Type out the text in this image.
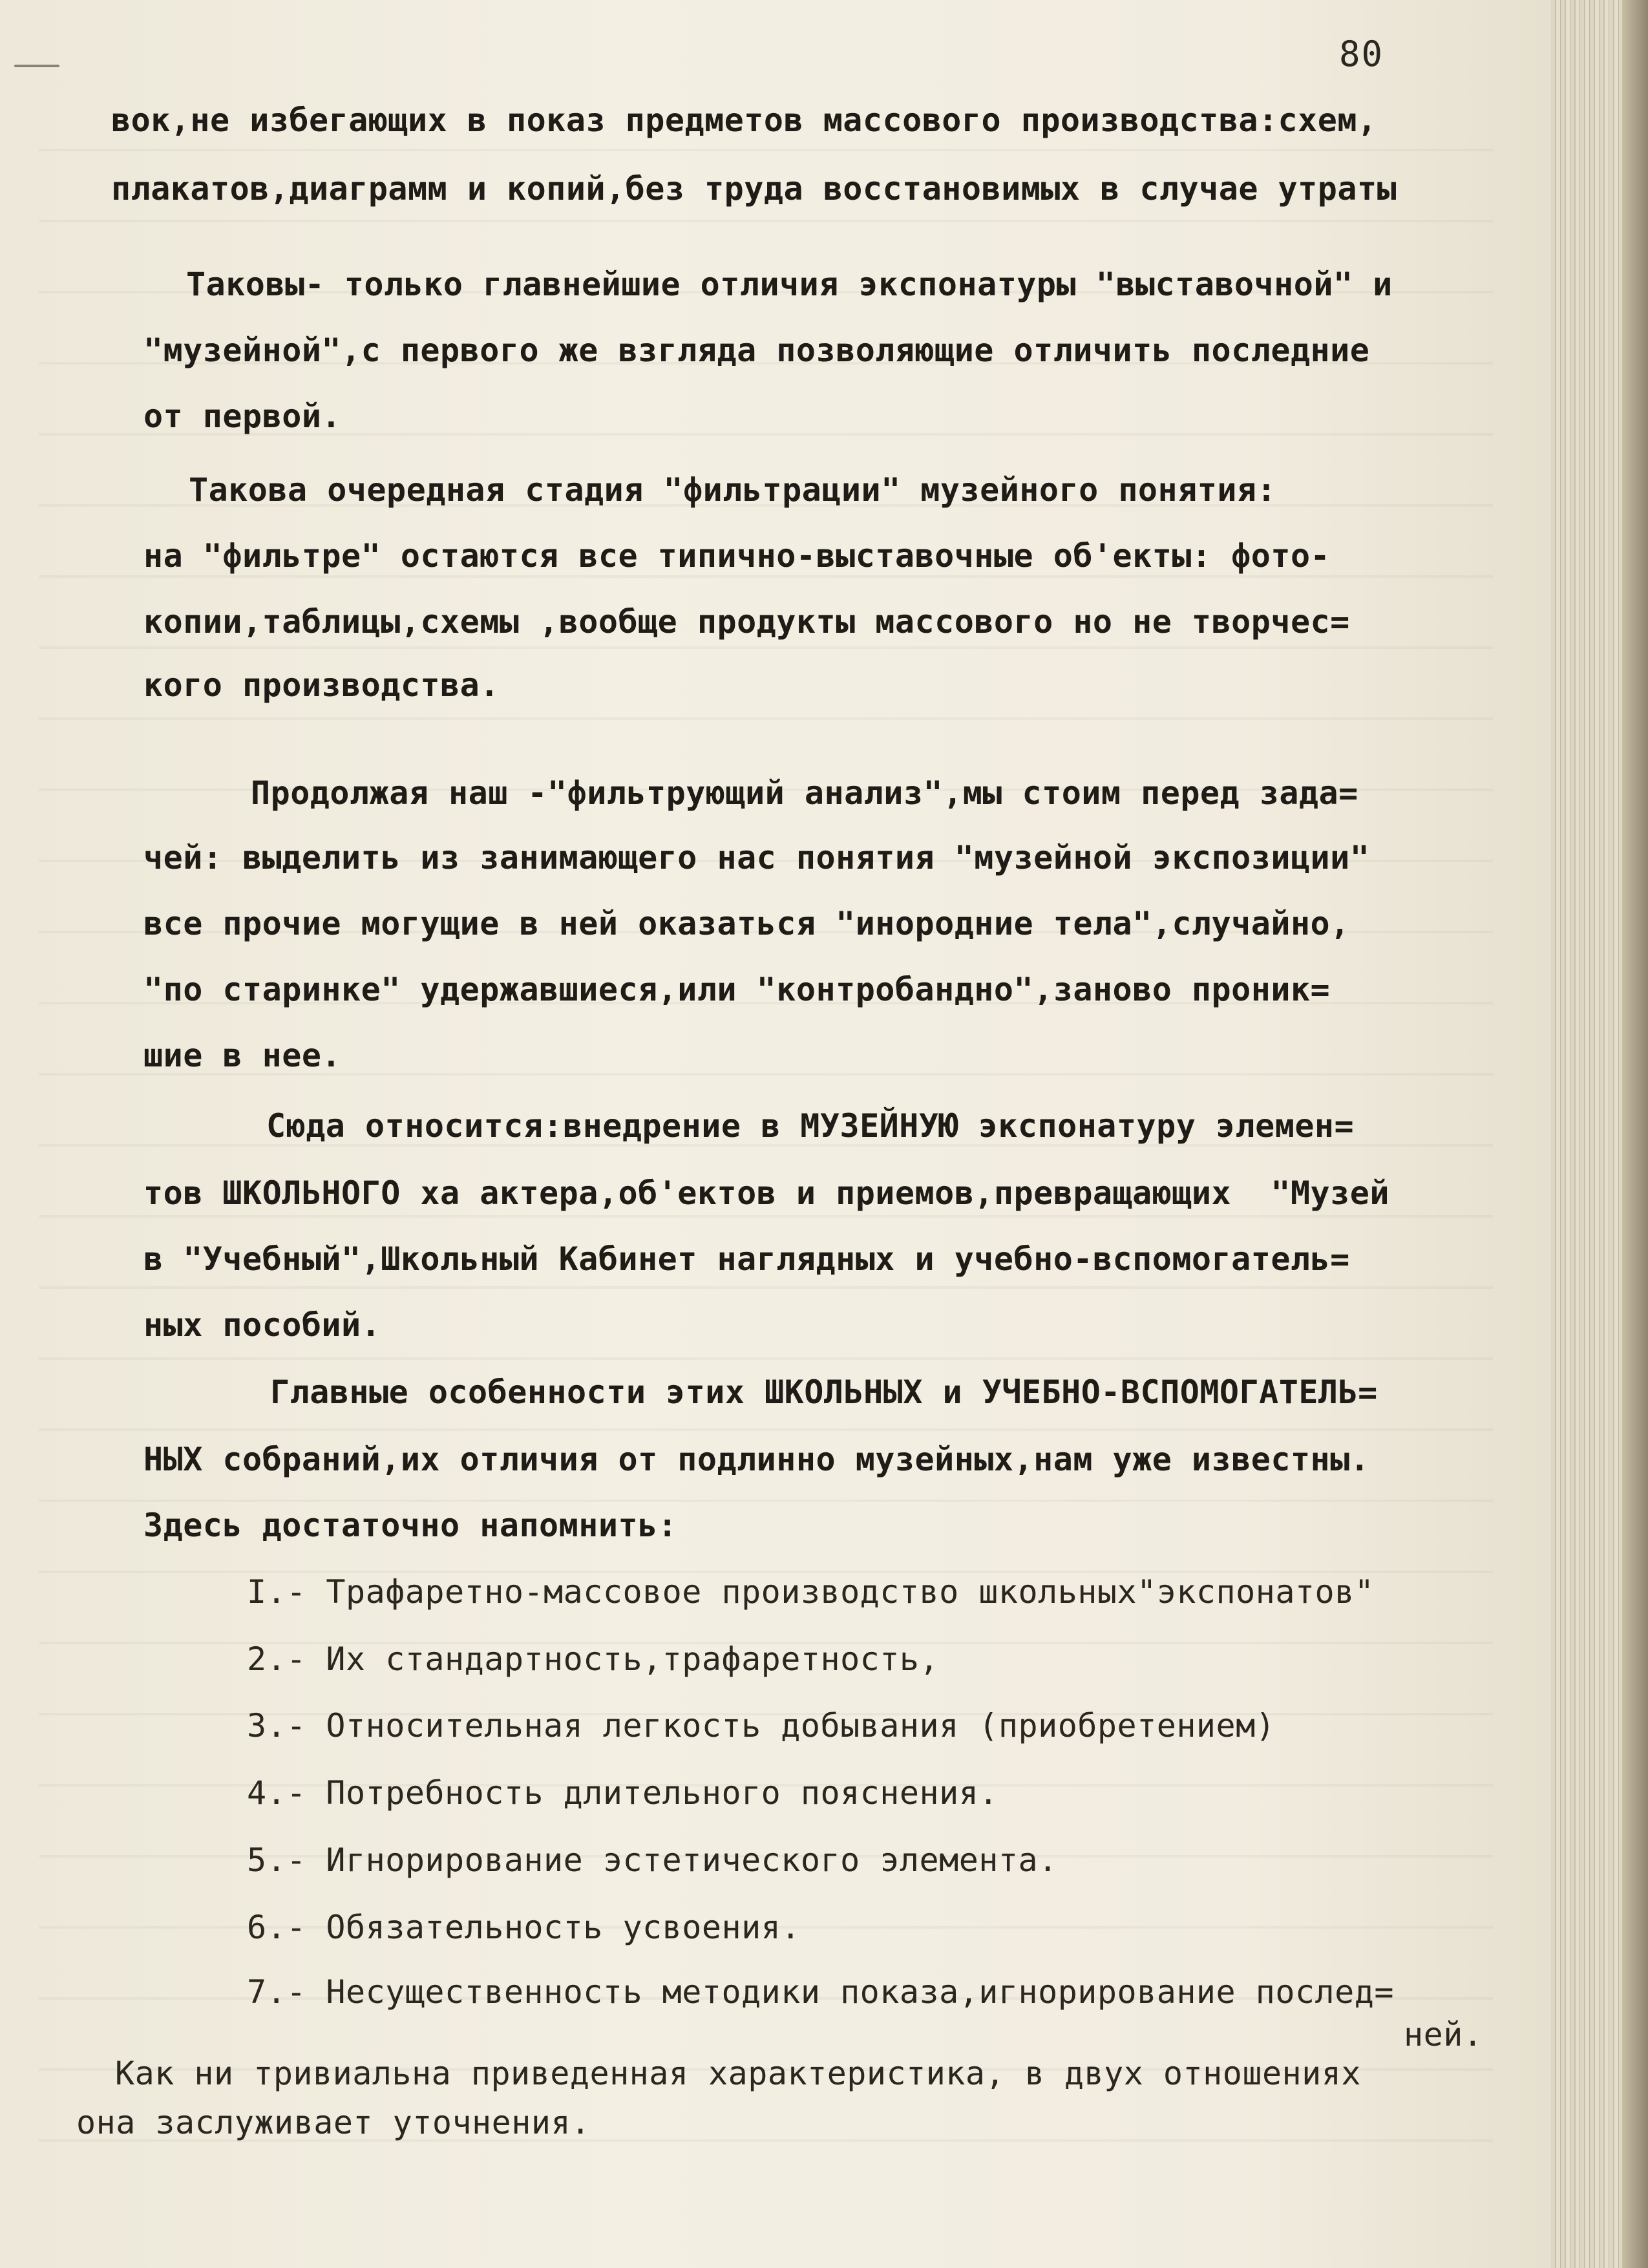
80
вок,не избегающих в показ предметов массового производства:схем,
плакатов,диаграмм и копий,без труда восстановимых в случае утраты
Таковы- только главнейшие отличия экспонатуры "выставочной" и
"музейной",с первого же взгляда позволяющие отличить последние
от первой.
Такова очередная стадия "фильтрации" музейного понятия:
на "фильтре" остаются все типично-выставочные об'екты: фото-
копии,таблицы,схемы ,вообще продукты массового но не творчес=
кого производства.
Продолжая наш -"фильтрующий анализ",мы стоим перед зада=
чей: выделить из занимающего нас понятия "музейной экспозиции"
все прочие могущие в ней оказаться "инородние тела",случайно,
"по старинке" удержавшиеся,или "контробандно",заново проник=
шие в нее.
Сюда относится:внедрение в МУЗЕЙНУЮ экспонатуру элемен=
тов ШКОЛЬНОГО ха актера,об'ектов и приемов,превращающих  "Музей
в "Учебный",Школьный Кабинет наглядных и учебно-вспомогатель=
ных пособий.
Главные особенности этих ШКОЛЬНЫХ и УЧЕБНО-ВСПОМОГАТЕЛЬ=
НЫХ собраний,их отличия от подлинно музейных,нам уже известны.
Здесь достаточно напомнить:
I.- Трафаретно-массовое производство школьных"экспонатов"
2.- Их стандартность,трафаретность,
3.- Относительная легкость добывания (приобретением)
4.- Потребность длительного пояснения.
5.- Игнорирование эстетического элемента.
6.- Обязательность усвоения.
7.- Несущественность методики показа,игнорирование послед=
ней.
Как ни тривиальна приведенная характеристика, в двух отношениях
она заслуживает уточнения.
